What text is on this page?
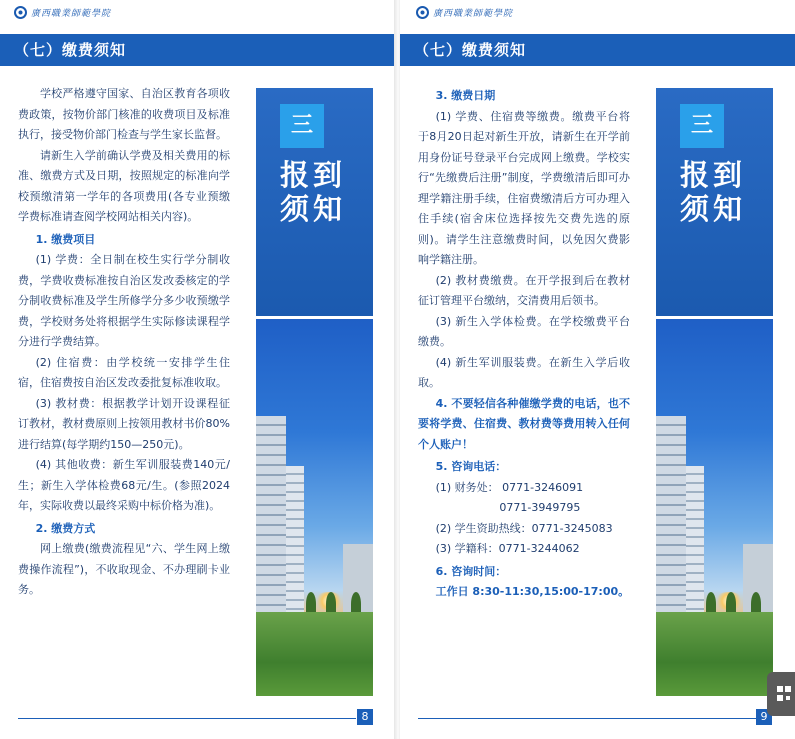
廣西職業師範學院
（七）缴费须知

学校严格遵守国家、自治区教育各项收费政策，按物价部门核准的收费项目及标准执行，接受物价部门检查与学生家长监督。

请新生入学前确认学费及相关费用的标准、缴费方式及日期，按照规定的标准向学校预缴清第一学年的各项费用(各专业预缴学费标准请查阅学校网站相关内容)。

1. 缴费项目

(1) 学费：全日制在校生实行学分制收费，学费收费标准按自治区发改委核定的学分制收费标准及学生所修学分多少收预缴学费，学校财务处将根据学生实际修读课程学分进行学费结算。

(2) 住宿费：由学校统一安排学生住宿，住宿费按自治区发改委批复标准收取。

(3) 教材费：根据教学计划开设课程征订教材，教材费原则上按领用教材书价80%进行结算(每学期约150—250元)。

(4) 其他收费：新生军训服装费140元/生；新生入学体检费68元/生。(参照2024年，实际收费以最终采购中标价格为准)。

2. 缴费方式

网上缴费(缴费流程见“六、学生网上缴费操作流程”)，不收取现金、不办理刷卡业务。

三
报到
须知
8
廣西職業師範學院
（七）缴费须知

3. 缴费日期

(1) 学费、住宿费等缴费。缴费平台将于8月20日起对新生开放，请新生在开学前用身份证号登录平台完成网上缴费。学校实行“先缴费后注册”制度，学费缴清后即可办理学籍注册手续，住宿费缴清后方可办理入住手续(宿舍床位选择按先交费先选的原则)。请学生注意缴费时间，以免因欠费影响学籍注册。

(2) 教材费缴费。在开学报到后在教材征订管理平台缴纳，交清费用后领书。

(3) 新生入学体检费。在学校缴费平台缴费。

(4) 新生军训服装费。在新生入学后收取。

4. 不要轻信各种催缴学费的电话，也不要将学费、住宿费、教材费等费用转入任何个人账户！

5. 咨询电话：

(1) 财务处： 0771-3246091

0771-3949795

(2) 学生资助热线：0771-3245083

(3) 学籍科：0771-3244062

6. 咨询时间：

工作日 8:30-11:30,15:00-17:00。

三
报到
须知
9
